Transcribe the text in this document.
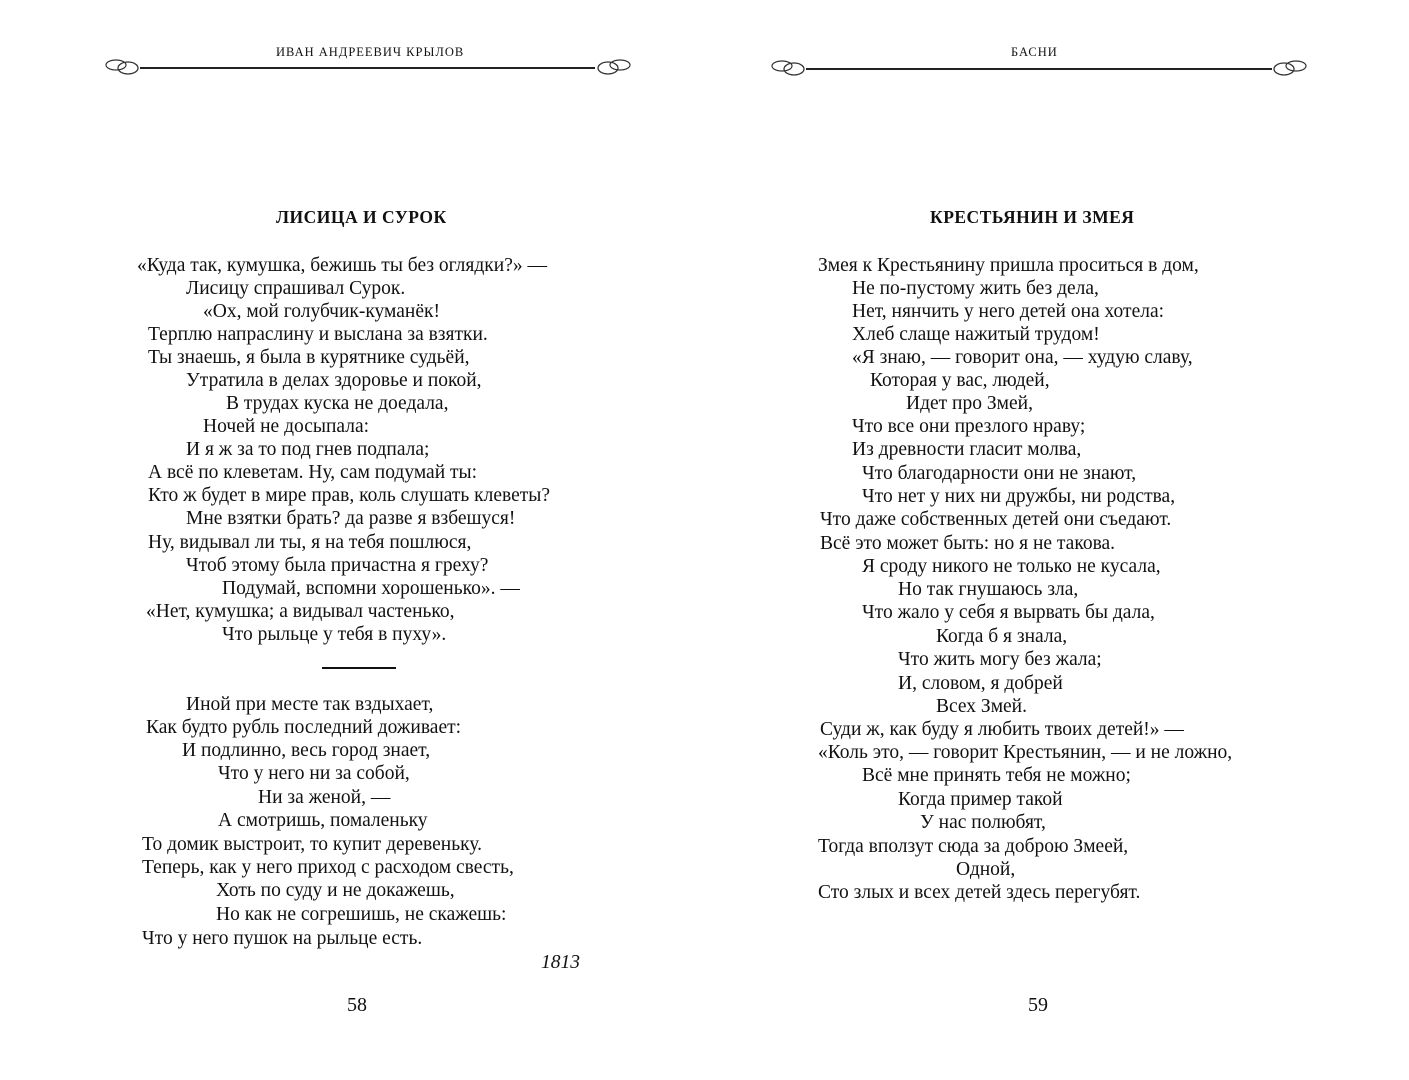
ИВАН АНДРЕЕВИЧ КРЫЛОВ
ЛИСИЦА И СУРОК
«Куда так, кумушка, бежишь ты без оглядки?» —
Лисицу спрашивал Сурок.
«Ох, мой голубчик-куманёк!
Терплю напраслину и выслана за взятки.
Ты знаешь, я была в курятнике судьёй,
Утратила в делах здоровье и покой,
В трудах куска не доедала,
Ночей не досыпала:
И я ж за то под гнев подпала;
А всё по клеветам. Ну, сам подумай ты:
Кто ж будет в мире прав, коль слушать клеветы?
Мне взятки брать? да разве я взбешуся!
Ну, видывал ли ты, я на тебя пошлюся,
Чтоб этому была причастна я греху?
Подумай, вспомни хорошенько». —
«Нет, кумушка; а видывал частенько,
Что рыльце у тебя в пуху».
Иной при месте так вздыхает,
Как будто рубль последний доживает:
И подлинно, весь город знает,
Что у него ни за собой,
Ни за женой, —
А смотришь, помаленьку
То домик выстроит, то купит деревеньку.
Теперь, как у него приход с расходом свесть,
Хоть по суду и не докажешь,
Но как не согрешишь, не скажешь:
Что у него пушок на рыльце есть.
1813
58
БАСНИ
КРЕСТЬЯНИН И ЗМЕЯ
Змея к Крестьянину пришла проситься в дом,
Не по-пустому жить без дела,
Нет, нянчить у него детей она хотела:
Хлеб слаще нажитый трудом!
«Я знаю, — говорит она, — худую славу,
Которая у вас, людей,
Идет про Змей,
Что все они презлого нраву;
Из древности гласит молва,
Что благодарности они не знают,
Что нет у них ни дружбы, ни родства,
Что даже собственных детей они съедают.
Всё это может быть: но я не такова.
Я сроду никого не только не кусала,
Но так гнушаюсь зла,
Что жало у себя я вырвать бы дала,
Когда б я знала,
Что жить могу без жала;
И, словом, я добрей
Всех Змей.
Суди ж, как буду я любить твоих детей!» —
«Коль это, — говорит Крестьянин, — и не ложно,
Всё мне принять тебя не можно;
Когда пример такой
У нас полюбят,
Тогда вползут сюда за доброю Змеей,
Одной,
Сто злых и всех детей здесь перегубят.
59
